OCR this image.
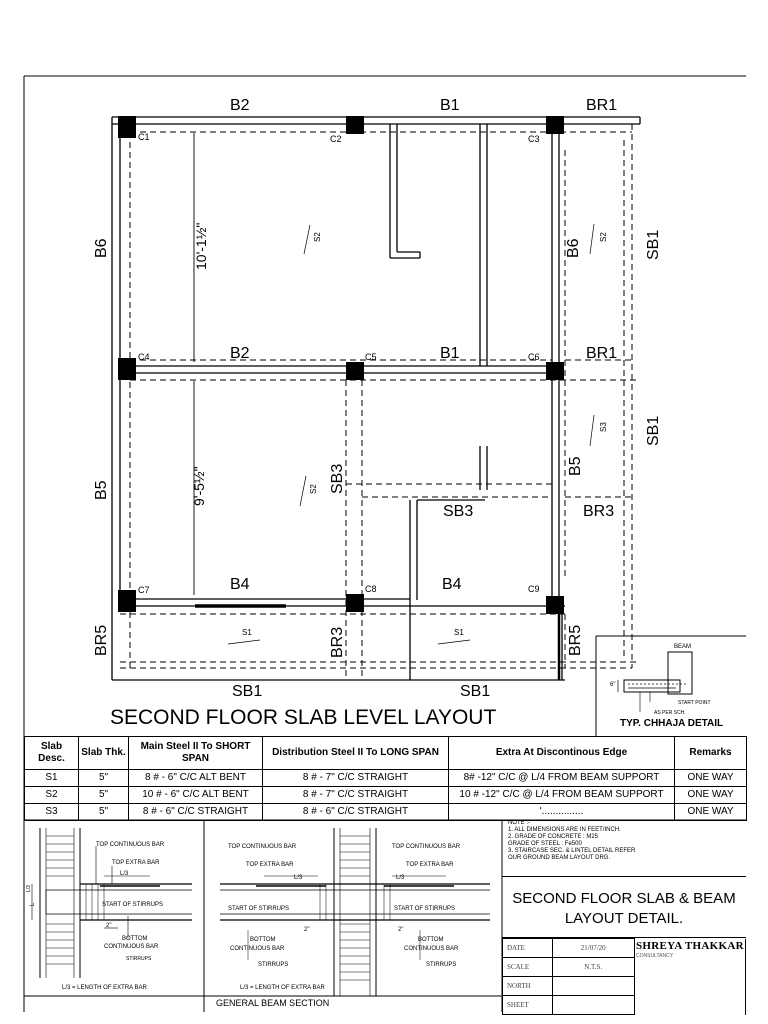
C1	C2	C3
C4	C5	C6
C7	C8	C9
B2	B1	BR1
B2	B1	BR1
SB3	BR3
B4	B4
SB1	SB1
B6
B5
BR5
B6
B5
BR5
SB1
SB1
SB3
BR3
10'-1½"
9'-5½"
S2	S2
S3
S2
S1	S1
SECOND FLOOR SLAB LEVEL LAYOUT
BEAM
START POINT
AS PER SCH.
6"
TYP. CHHAJA DETAIL
TOP CONTINUOUS BAR
TOP EXTRA BAR
L/3
START OF STIRRUPS
2"
BOTTOM
CONTINUOUS BAR
STIRRUPS
L
L/3
L/3 = LENGTH OF EXTRA BAR
TOP CONTINUOUS BAR	TOP CONTINUOUS BAR
TOP EXTRA BAR	TOP EXTRA BAR
L/3	L/3
START OF STIRRUPS	START OF STIRRUPS
2"	2"
BOTTOM
CONTINUOUS BAR
BOTTOM
CONTINUOUS BAR
STIRRUPS	STIRRUPS
L/3 = LENGTH OF EXTRA BAR
GENERAL BEAM SECTION
Slab Desc.	Slab Thk.	Main Steel II To SHORT SPAN	Distribution Steel II To LONG SPAN	Extra At Discontinous Edge	Remarks
S1	5"	8 # - 6" C/C ALT BENT	8 # - 7" C/C STRAIGHT	8# -12" C/C @ L/4 FROM BEAM SUPPORT	ONE WAY
S2	5"	10 # - 6" C/C ALT BENT	8 # - 7" C/C STRAIGHT	10 # -12" C/C @ L/4 FROM BEAM SUPPORT	ONE WAY
S3	5"	8 # - 6" C/C STRAIGHT	8 # - 6" C/C STRAIGHT	'...............	ONE WAY
NOTE :-
1. ALL DIMENSIONS ARE IN FEET/INCH.
2. GRADE OF CONCRETE : M25
GRADE OF STEEL : Fe500
3. STAIRCASE SEC. & LINTEL DETAIL REFER
OUR GROUND BEAM LAYOUT DRG.
SECOND FLOOR SLAB & BEAM
LAYOUT DETAIL.
DATE	21/07/20	
SCALE	N.T.S.	
NORTH		
SHEET		
SHREYA THAKKAR
CONSULTANCY
